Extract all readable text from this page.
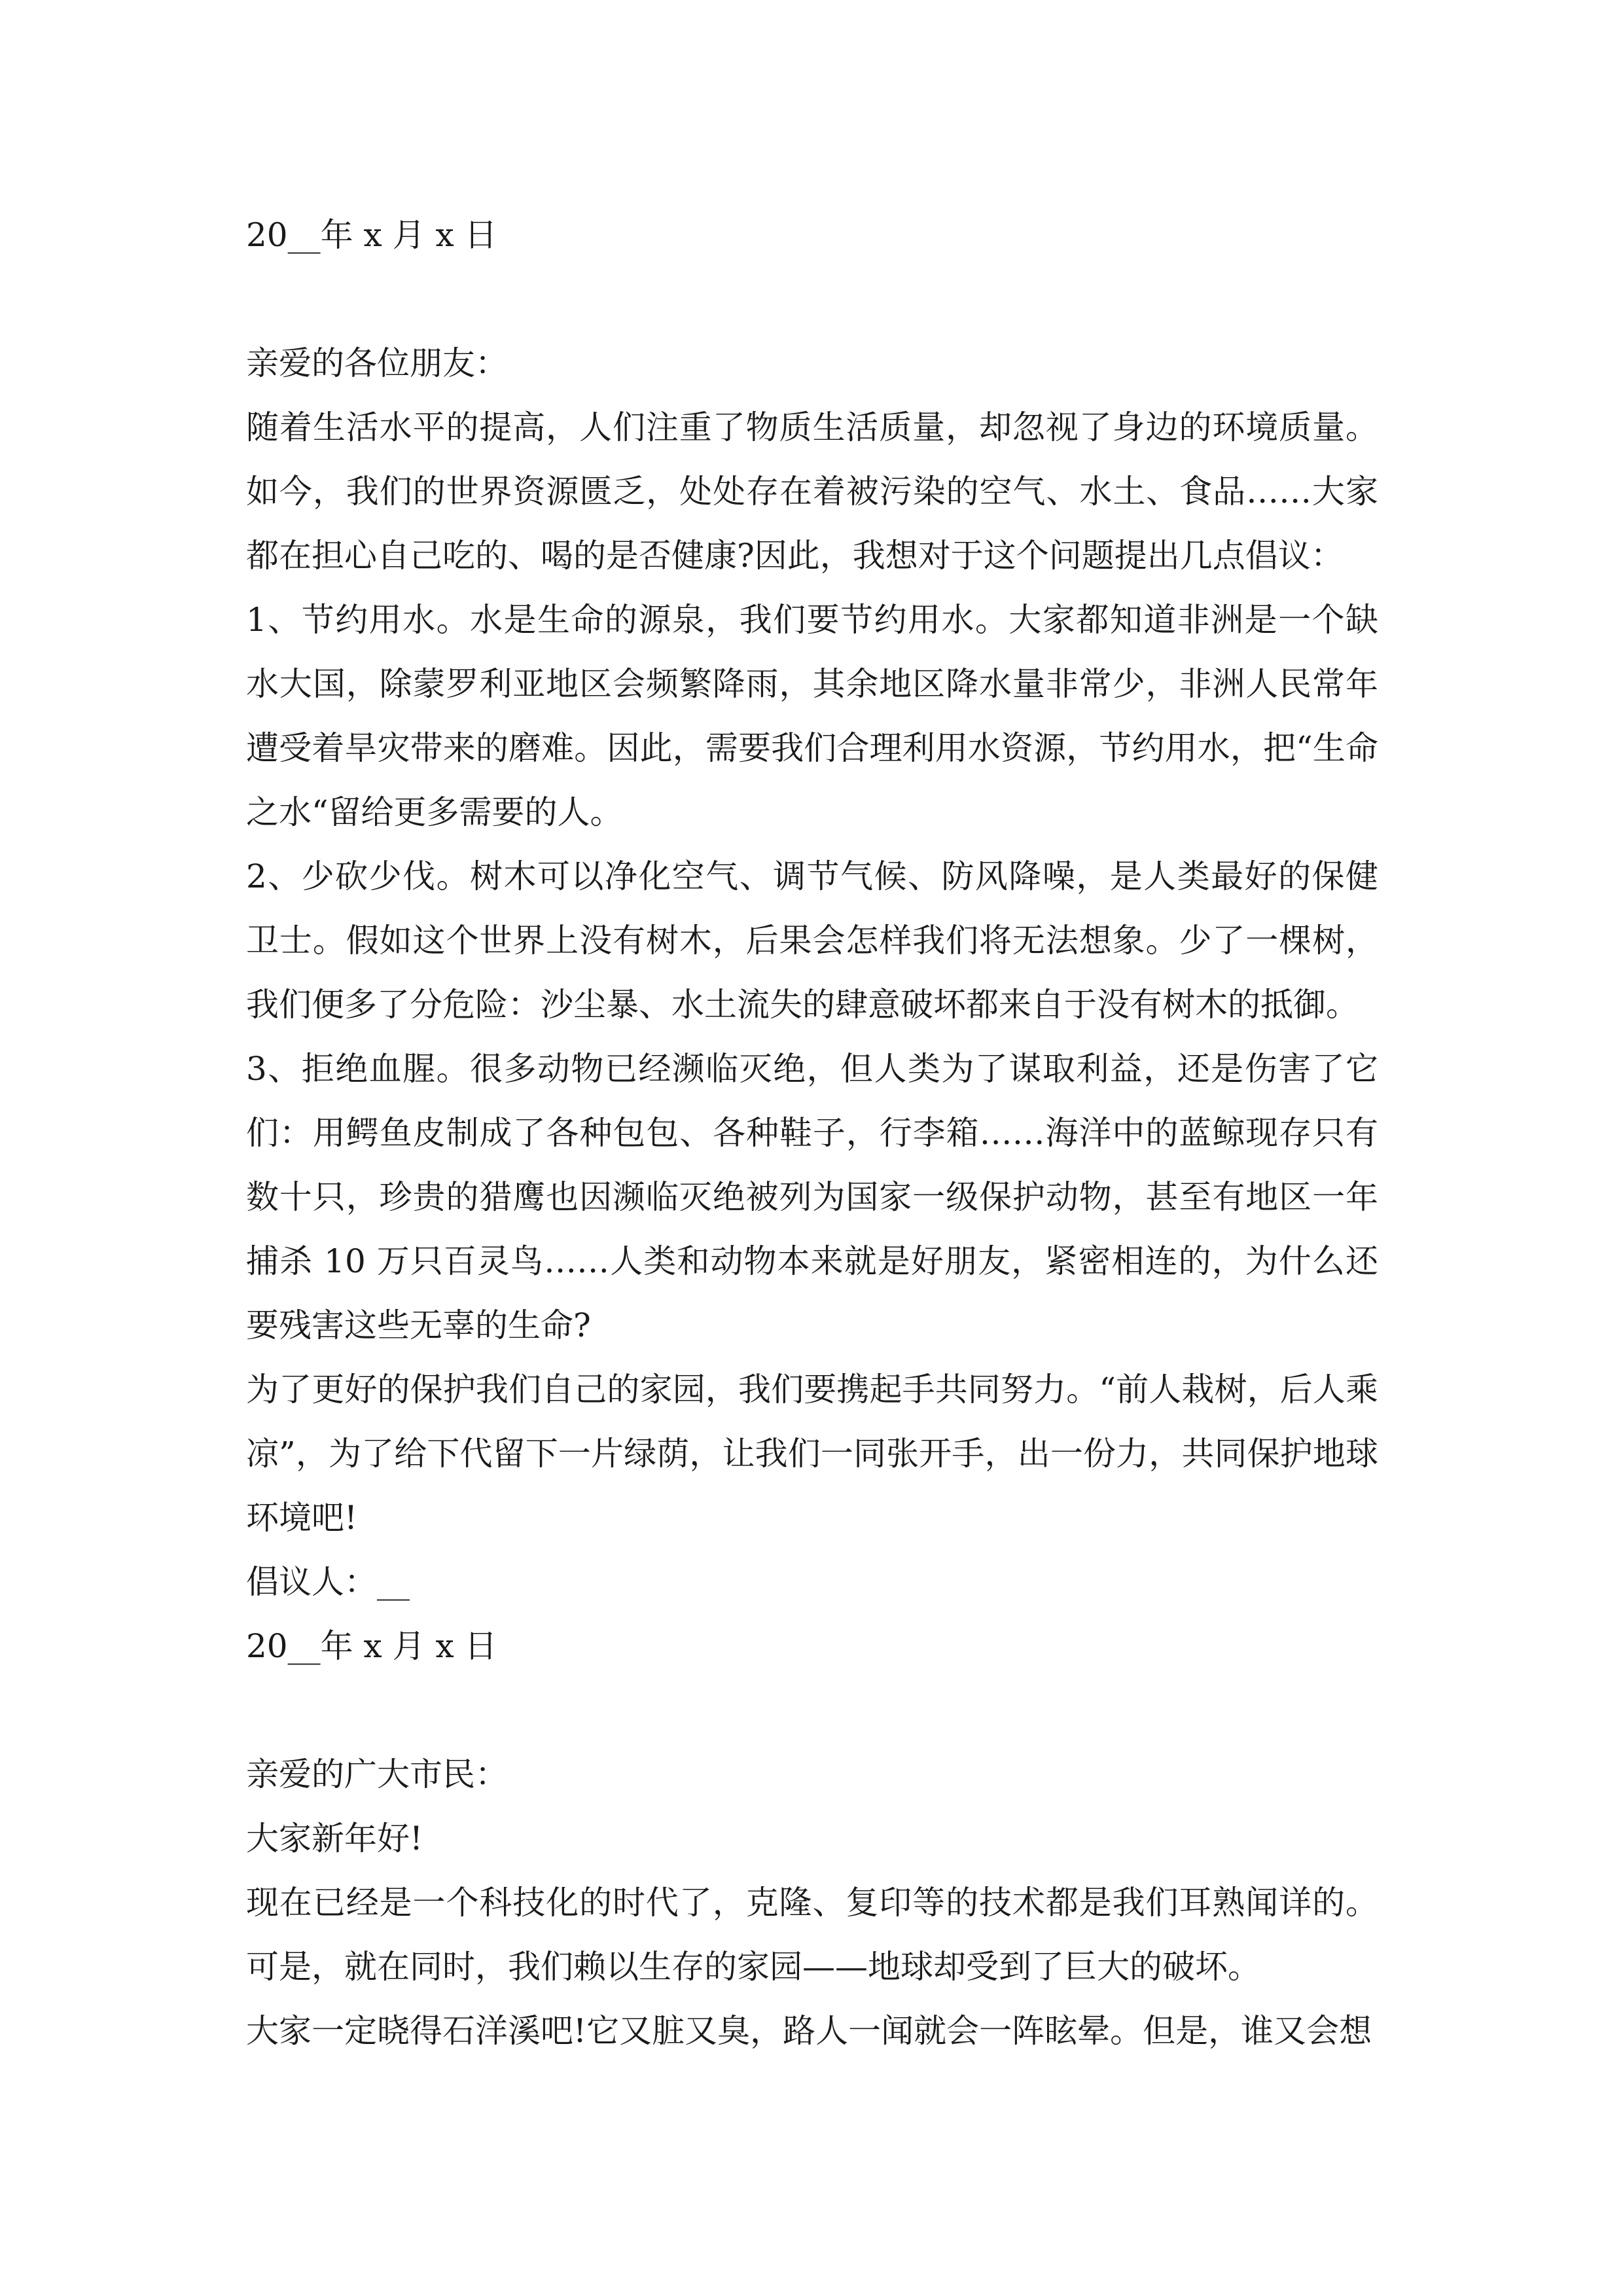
20__年 x 月 x 日

亲爱的各位朋友：

随着生活水平的提高，人们注重了物质生活质量，却忽视了身边的环境质量。如今，我们的世界资源匮乏，处处存在着被污染的空气、水土、食品……大家都在担心自己吃的、喝的是否健康?因此，我想对于这个问题提出几点倡议：

1、节约用水。水是生命的源泉，我们要节约用水。大家都知道非洲是一个缺水大国，除蒙罗利亚地区会频繁降雨，其余地区降水量非常少，非洲人民常年遭受着旱灾带来的磨难。因此，需要我们合理利用水资源，节约用水，把“生命之水“留给更多需要的人。

2、少砍少伐。树木可以净化空气、调节气候、防风降噪，是人类最好的保健卫士。假如这个世界上没有树木，后果会怎样我们将无法想象。少了一棵树，我们便多了分危险：沙尘暴、水土流失的肆意破坏都来自于没有树木的抵御。

3、拒绝血腥。很多动物已经濒临灭绝，但人类为了谋取利益，还是伤害了它们：用鳄鱼皮制成了各种包包、各种鞋子，行李箱……海洋中的蓝鲸现存只有数十只，珍贵的猎鹰也因濒临灭绝被列为国家一级保护动物，甚至有地区一年捕杀 10 万只百灵鸟……人类和动物本来就是好朋友，紧密相连的，为什么还要残害这些无辜的生命?

为了更好的保护我们自己的家园，我们要携起手共同努力。“前人栽树，后人乘凉”，为了给下代留下一片绿荫，让我们一同张开手，出一份力，共同保护地球环境吧!

倡议人：__

20__年 x 月 x 日

亲爱的广大市民：

大家新年好!

现在已经是一个科技化的时代了，克隆、复印等的技术都是我们耳熟闻详的。可是，就在同时，我们赖以生存的家园——地球却受到了巨大的破坏。

大家一定晓得石洋溪吧!它又脏又臭，路人一闻就会一阵眩晕。但是，谁又会想
